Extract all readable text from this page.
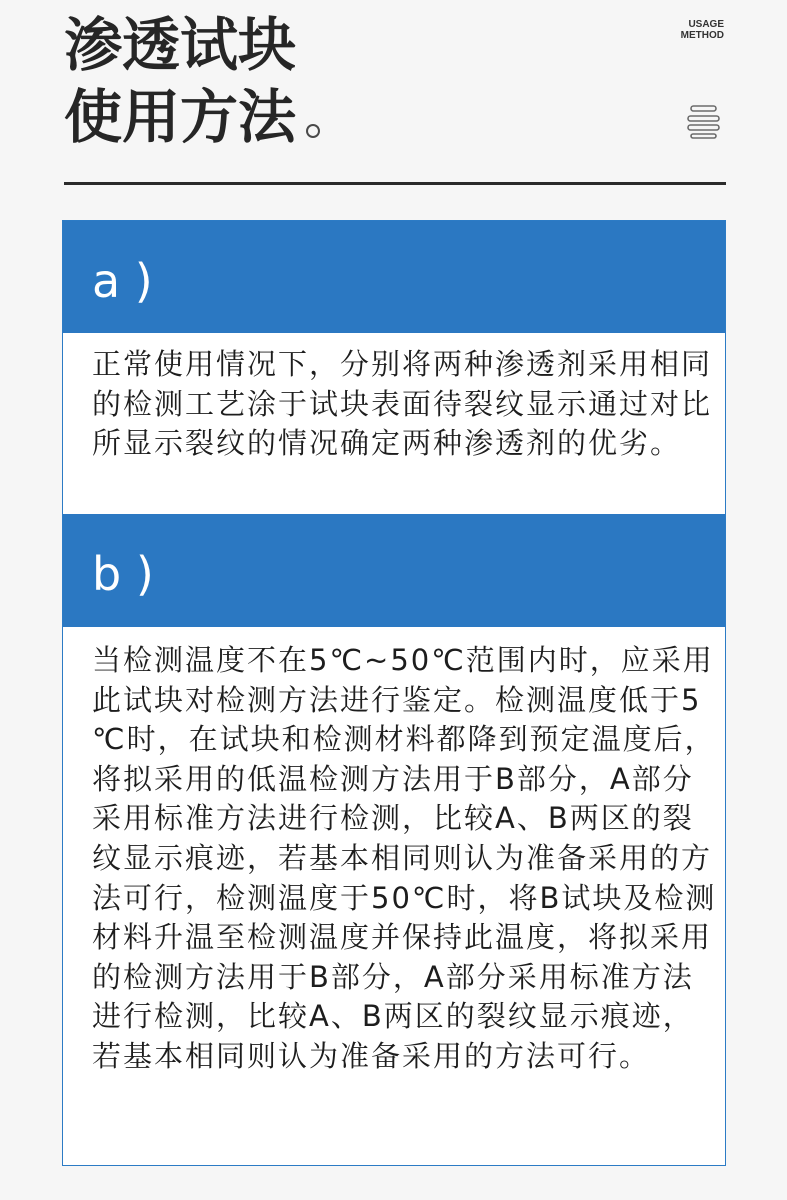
渗透试块
使用方法
USAGE
METHOD
a )
正常使用情况下，分别将两种渗透剂采用相同的检测工艺涂于试块表面待裂纹显示通过对比所显示裂纹的情况确定两种渗透剂的优劣。
b )
当检测温度不在5℃~50℃范围内时，应采用此试块对检测方法进行鉴定。检测温度低于5 ℃时，在试块和检测材料都降到预定温度后，将拟采用的低温检测方法用于B部分，A部分采用标准方法进行检测，比较A、B两区的裂纹显示痕迹，若基本相同则认为准备采用的方法可行，检测温度于50℃时，将B试块及检测材料升温至检测温度并保持此温度，将拟采用的检测方法用于B部分，A部分采用标准方法进行检测，比较A、B两区的裂纹显示痕迹，若基本相同则认为准备采用的方法可行。
